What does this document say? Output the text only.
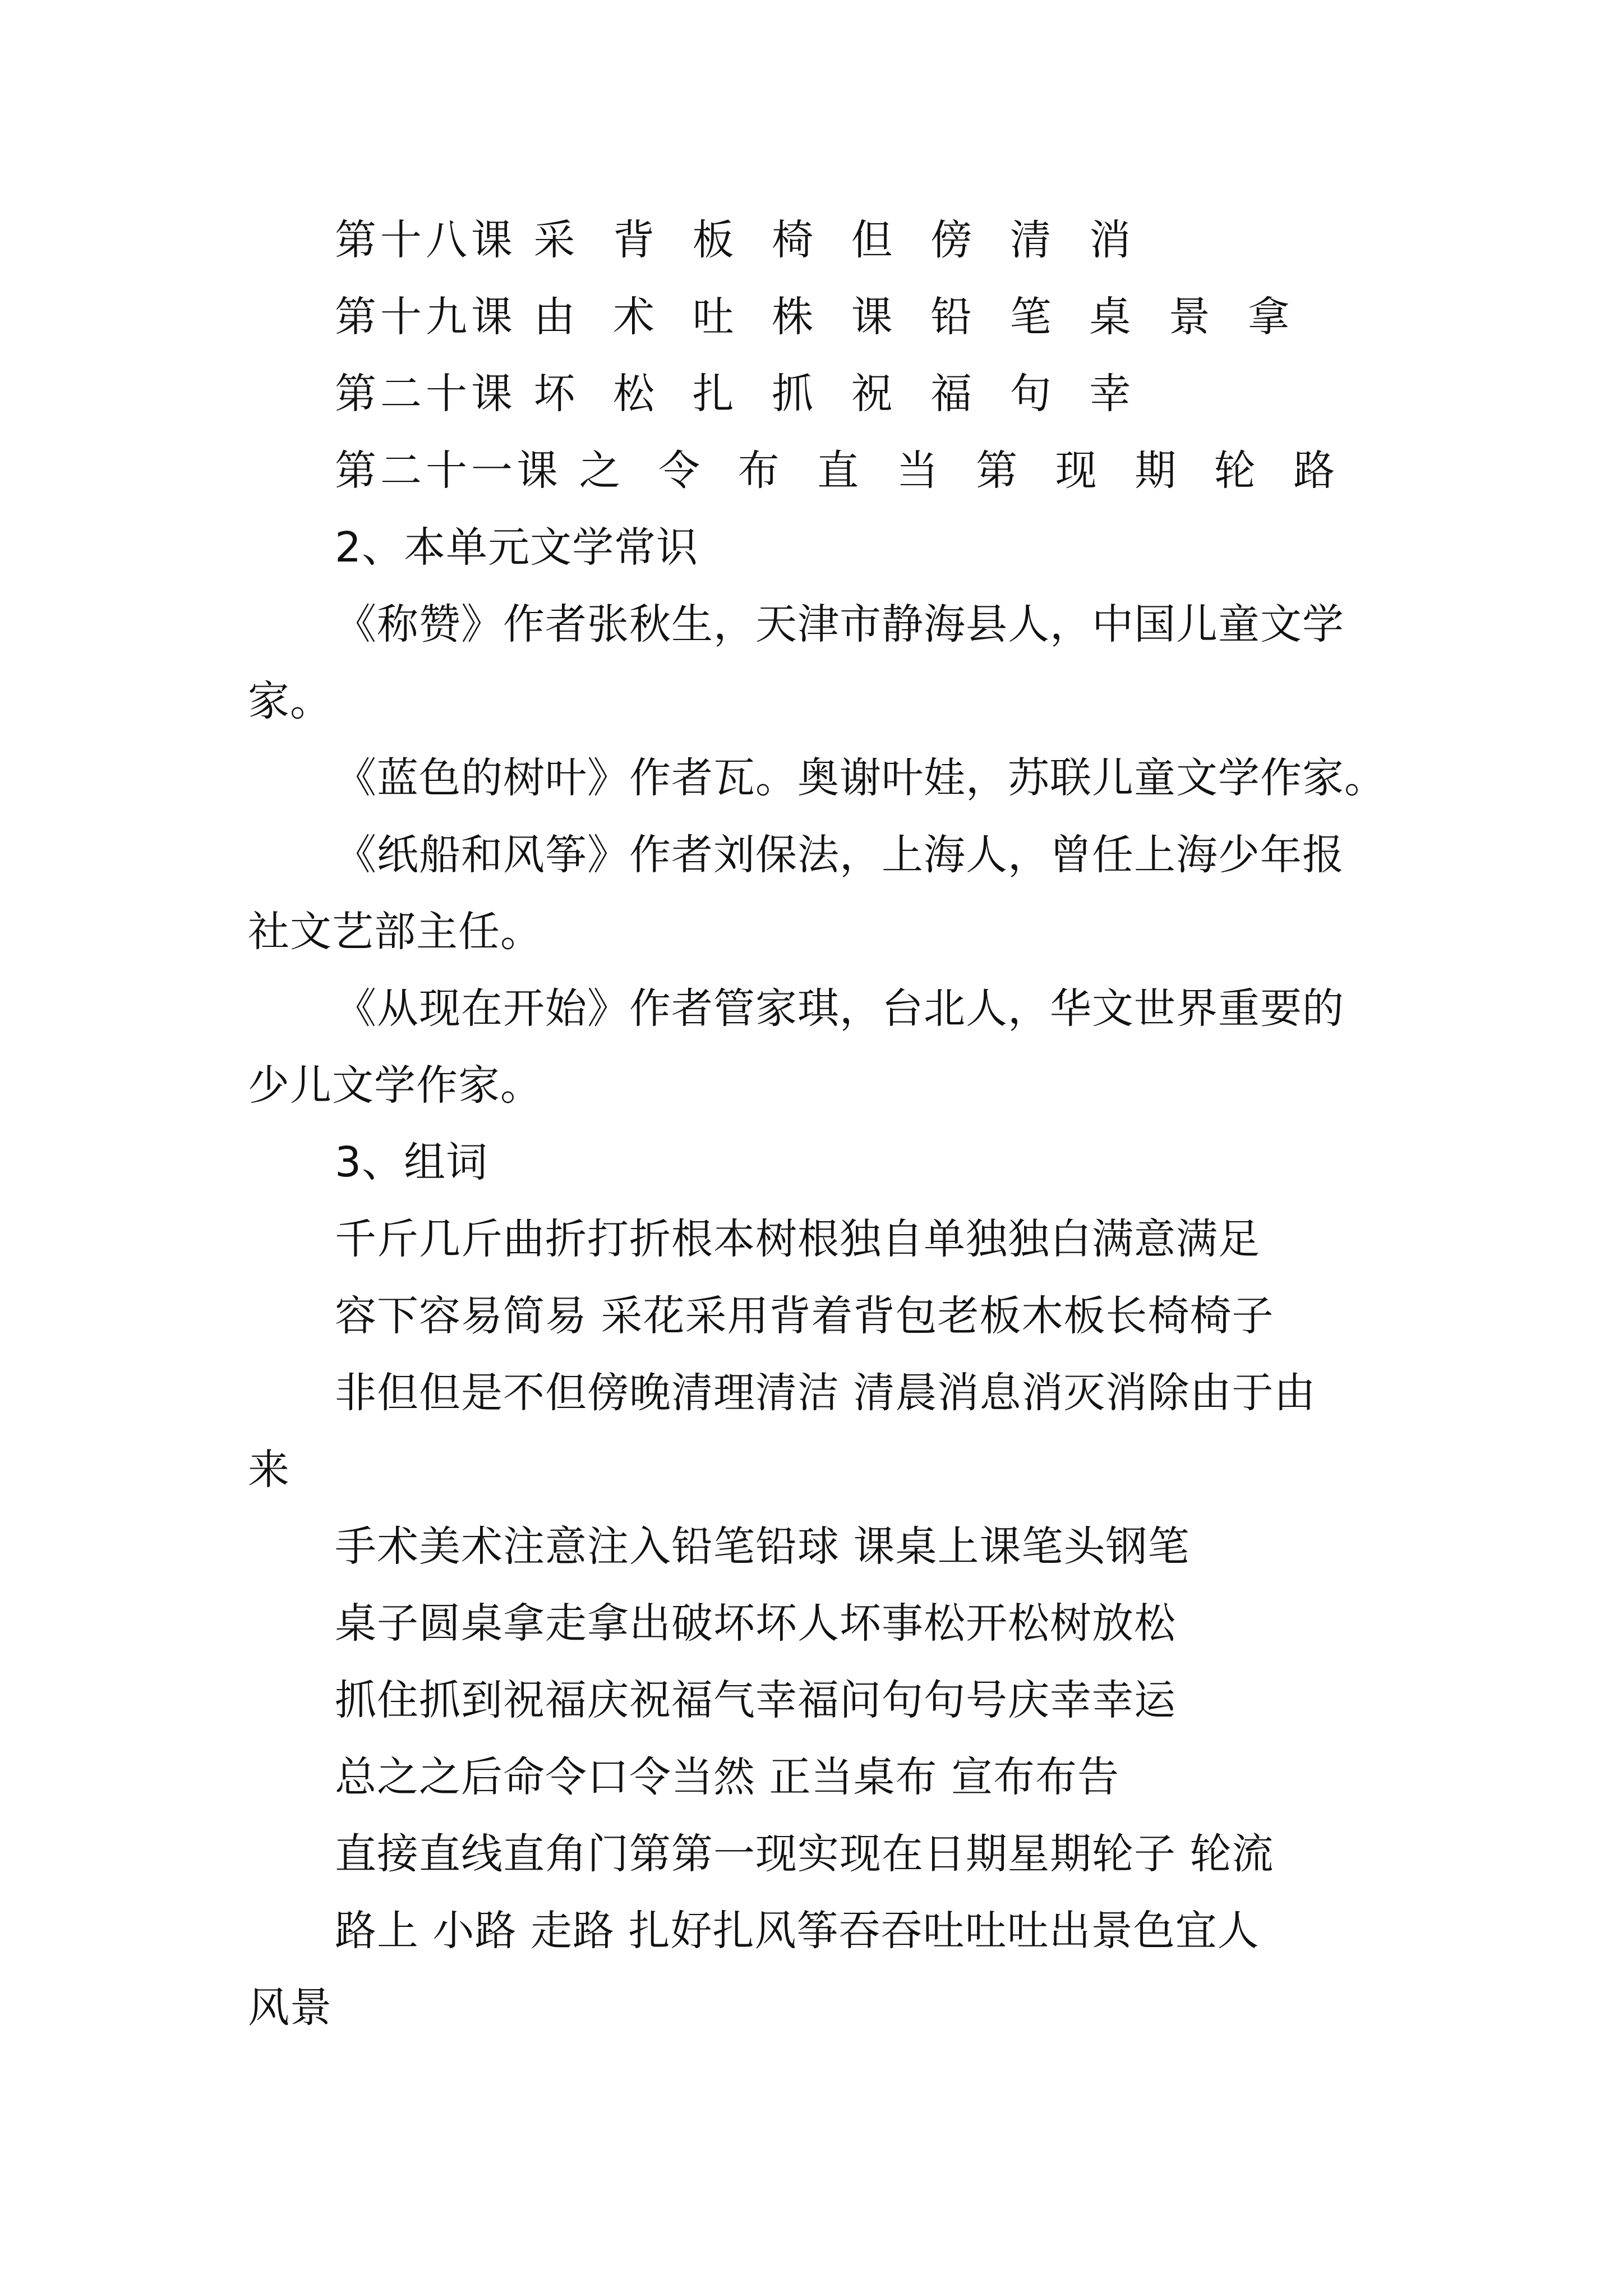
第十八课 采 背 板 椅 但 傍 清 消
第十九课 由 术 吐 株 课 铅 笔 桌 景 拿
第二十课 坏 松 扎 抓 祝 福 句 幸
第二十一课 之 令 布 直 当 第 现 期 轮 路
2、本单元文学常识
《称赞》作者张秋生，天津市静海县人，中国儿童文学
家。
《蓝色的树叶》作者瓦。奥谢叶娃，苏联儿童文学作家。
《纸船和风筝》作者刘保法，上海人，曾任上海少年报
社文艺部主任。
《从现在开始》作者管家琪，台北人，华文世界重要的
少儿文学作家。
3、组词
千斤几斤曲折打折根本树根独自单独独白满意满足
容下容易简易 采花采用背着背包老板木板长椅椅子
非但但是不但傍晚清理清洁 清晨消息消灭消除由于由
来
手术美术注意注入铅笔铅球 课桌上课笔头钢笔
桌子圆桌拿走拿出破坏坏人坏事松开松树放松
抓住抓到祝福庆祝福气幸福问句句号庆幸幸运
总之之后命令口令当然 正当桌布 宣布布告
直接直线直角门第第一现实现在日期星期轮子 轮流
路上 小路 走路 扎好扎风筝吞吞吐吐吐出景色宜人
风景
